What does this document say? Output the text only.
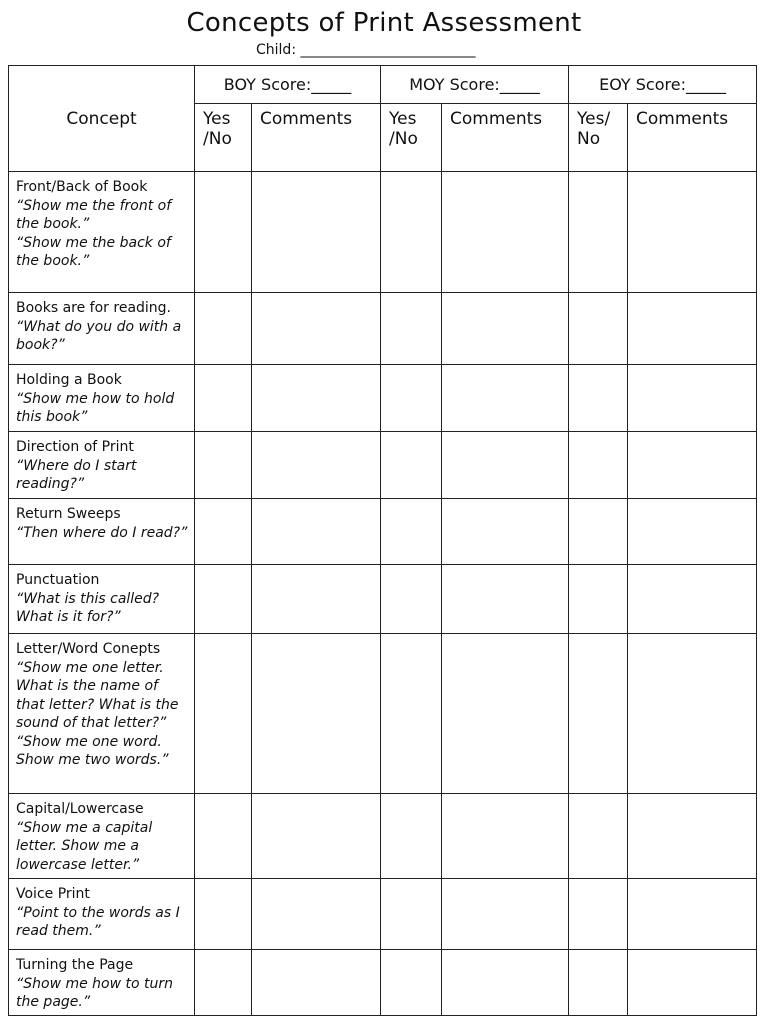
Concepts of Print Assessment
Child: _________________________
Concept	BOY Score:_____		MOY Score:_____		EOY Score:_____	
	Yes /No	Comments	Yes /No	Comments	Yes/ No	Comments

Front/Back of Book
“Show me the front of the book.”
“Show me the back of the book.”						

Books are for reading.
“What do you do with a book?”						

Holding a Book
“Show me how to hold this book”						

Direction of Print
“Where do I start reading?”						

Return Sweeps
“Then where do I read?”						

Punctuation
“What is this called? What is it for?”						

Letter/Word Conepts
“Show me one letter. What is the name of that letter? What is the sound of that letter?”
“Show me one word. Show me two words.”						

Capital/Lowercase
“Show me a capital letter. Show me a lowercase letter.”						

Voice Print
“Point to the words as I read them.”						

Turning the Page
“Show me how to turn the page.”						
